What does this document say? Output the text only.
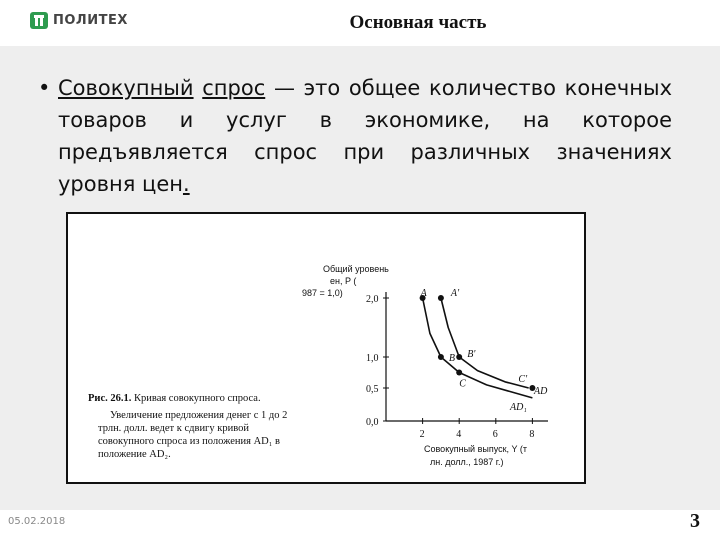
ПОЛИТЕХ	Основная часть
• Совокупный спрос — это общее количество конечных товаров и услуг в экономике, на которое предъявляется спрос при различных значениях уровня цен.
Рис. 26.1. Кривая совокупного спроса.
Увеличение предложения денег с 1 до 2 трлн. долл. ведет к сдвигу кривой совокупного спроса из положения AD₁ в положение AD₂.
Общий уровень
ен, P (
987 = 1,0)
0,0
0,5
1,0
2,0
2	4	6	8
Совокупный выпуск, Y (т
лн. долл., 1987 г.)
A A'
B B'
C	C'
AD₁
AD
05.02.2018	3
